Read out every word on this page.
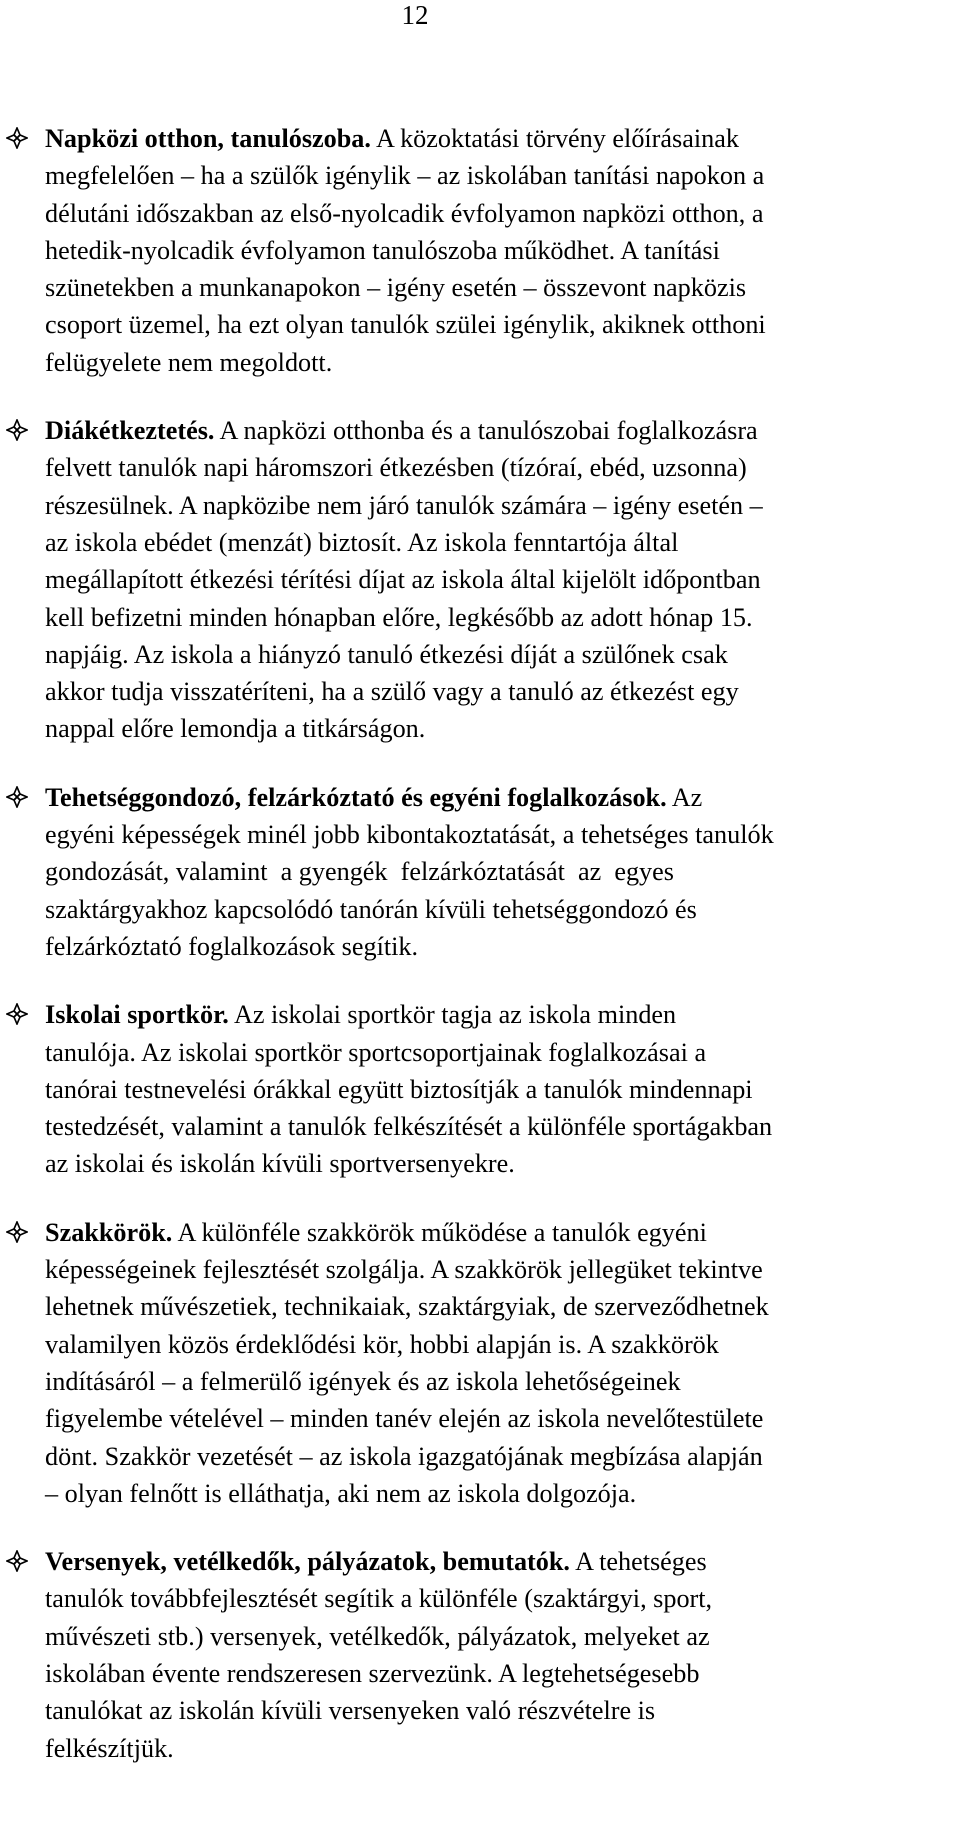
12
Napközi otthon, tanulószoba. A közoktatási törvény előírásainak
megfelelően – ha a szülők igénylik – az iskolában tanítási napokon a
délutáni időszakban az első-nyolcadik évfolyamon napközi otthon, a
hetedik-nyolcadik évfolyamon tanulószoba működhet. A tanítási
szünetekben a munkanapokon – igény esetén – összevont napközis
csoport üzemel, ha ezt olyan tanulók szülei igénylik, akiknek otthoni
felügyelete nem megoldott.
Diákétkeztetés. A napközi otthonba és a tanulószobai foglalkozásra
felvett tanulók napi háromszori étkezésben (tízóraí, ebéd, uzsonna)
részesülnek. A napközibe nem járó tanulók számára – igény esetén –
az iskola ebédet (menzát) biztosít. Az iskola fenntartója által
megállapított étkezési térítési díjat az iskola által kijelölt időpontban
kell befizetni minden hónapban előre, legkésőbb az adott hónap 15.
napjáig. Az iskola a hiányzó tanuló étkezési díját a szülőnek csak
akkor tudja visszatéríteni, ha a szülő vagy a tanuló az étkezést egy
nappal előre lemondja a titkárságon.
Tehetséggondozó, felzárkóztató és egyéni foglalkozások. Az
egyéni képességek minél jobb kibontakoztatását, a tehetséges tanulók
gondozását, valamint  a gyengék  felzárkóztatását  az  egyes
szaktárgyakhoz kapcsolódó tanórán kívüli tehetséggondozó és
felzárkóztató foglalkozások segítik.
Iskolai sportkör. Az iskolai sportkör tagja az iskola minden
tanulója. Az iskolai sportkör sportcsoportjainak foglalkozásai a
tanórai testnevelési órákkal együtt biztosítják a tanulók mindennapi
testedzését, valamint a tanulók felkészítését a különféle sportágakban
az iskolai és iskolán kívüli sportversenyekre.
Szakkörök. A különféle szakkörök működése a tanulók egyéni
képességeinek fejlesztését szolgálja. A szakkörök jellegüket tekintve
lehetnek művészetiek, technikaiak, szaktárgyiak, de szerveződhetnek
valamilyen közös érdeklődési kör, hobbi alapján is. A szakkörök
indításáról – a felmerülő igények és az iskola lehetőségeinek
figyelembe vételével – minden tanév elején az iskola nevelőtestülete
dönt. Szakkör vezetését – az iskola igazgatójának megbízása alapján
– olyan felnőtt is elláthatja, aki nem az iskola dolgozója.
Versenyek, vetélkedők, pályázatok, bemutatók. A tehetséges
tanulók továbbfejlesztését segítik a különféle (szaktárgyi, sport,
művészeti stb.) versenyek, vetélkedők, pályázatok, melyeket az
iskolában évente rendszeresen szervezünk. A legtehetségesebb
tanulókat az iskolán kívüli versenyeken való részvételre is
felkészítjük.
